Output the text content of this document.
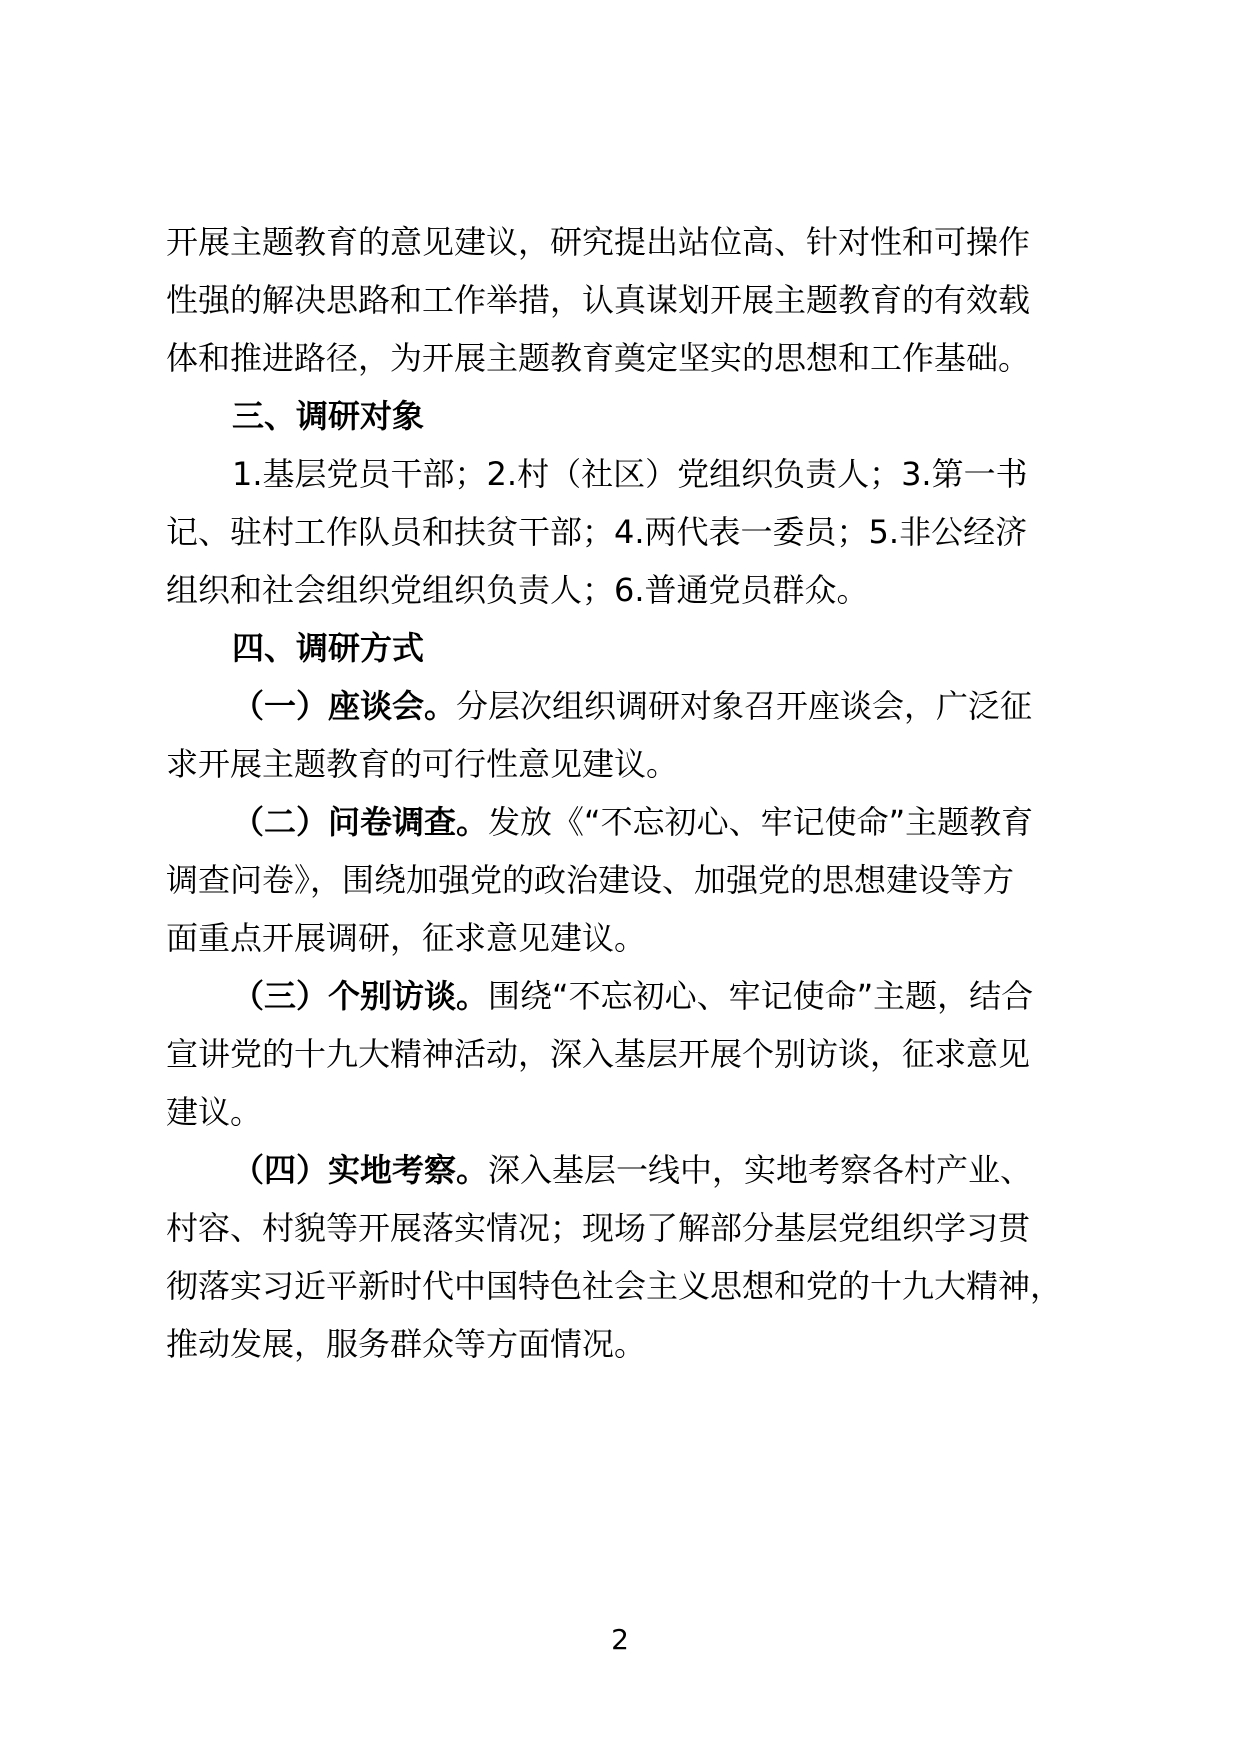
开展主题教育的意见建议，研究提出站位高、针对性和可操作
性强的解决思路和工作举措，认真谋划开展主题教育的有效载
体和推进路径，为开展主题教育奠定坚实的思想和工作基础。
三、调研对象
1.基层党员干部；2.村（社区）党组织负责人；3.第一书
记、驻村工作队员和扶贫干部；4.两代表一委员；5.非公经济
组织和社会组织党组织负责人；6.普通党员群众。
四、调研方式
（一）座谈会。分层次组织调研对象召开座谈会，广泛征
求开展主题教育的可行性意见建议。
（二）问卷调查。发放《“不忘初心、牢记使命”主题教育
调查问卷》，围绕加强党的政治建设、加强党的思想建设等方
面重点开展调研，征求意见建议。
（三）个别访谈。围绕“不忘初心、牢记使命”主题，结合
宣讲党的十九大精神活动，深入基层开展个别访谈，征求意见
建议。
（四）实地考察。深入基层一线中，实地考察各村产业、
村容、村貌等开展落实情况；现场了解部分基层党组织学习贯
彻落实习近平新时代中国特色社会主义思想和党的十九大精神，
推动发展，服务群众等方面情况。
2
